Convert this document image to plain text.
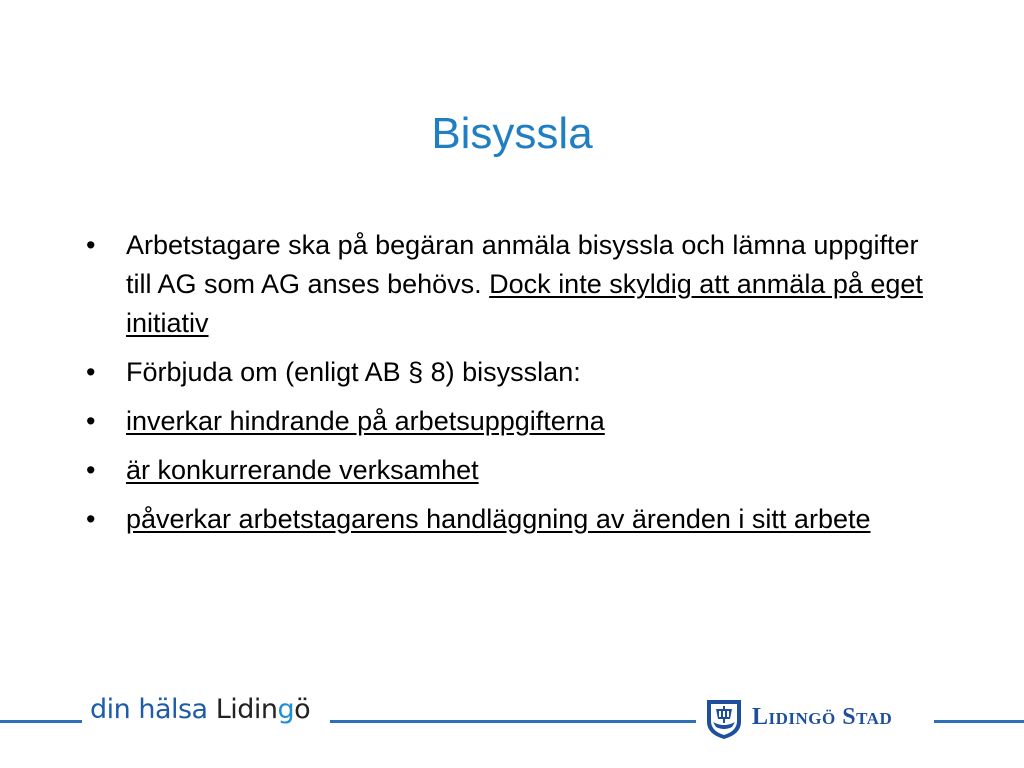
Bisyssla
•	Arbetstagare ska på begäran anmäla bisyssla och lämna uppgifter till AG som AG anses behövs. Dock inte skyldig att anmäla på eget initiativ
•	Förbjuda om (enligt AB § 8) bisysslan:
•	inverkar hindrande på arbetsuppgifterna
•	är konkurrerande verksamhet
•	påverkar arbetstagarens handläggning av ärenden i sitt arbete
din hälsa Lidingö	Lidingö Stad
